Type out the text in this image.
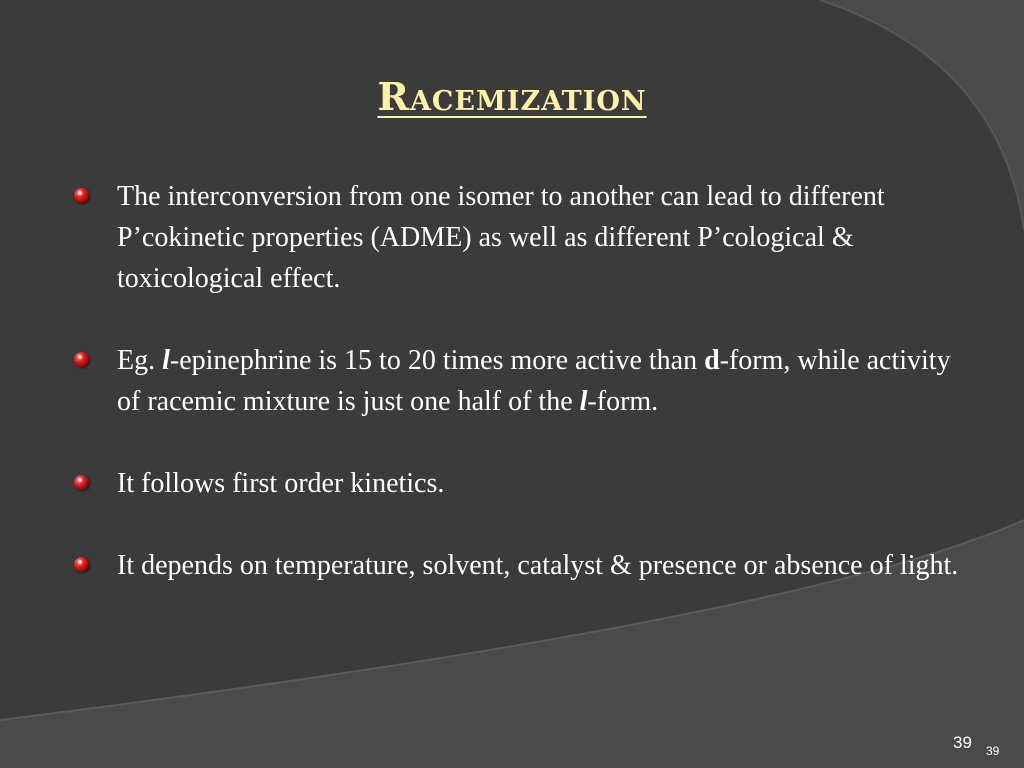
Racemization
The interconversion from one isomer to another can lead to different P’cokinetic properties (ADME) as well as different P’cological & toxicological effect.
Eg. l-epinephrine is 15 to 20 times more active than d-form, while activity of racemic mixture is just one half of the l-form.
It follows first order kinetics.
It depends on temperature, solvent, catalyst & presence or absence of light.
39 39
